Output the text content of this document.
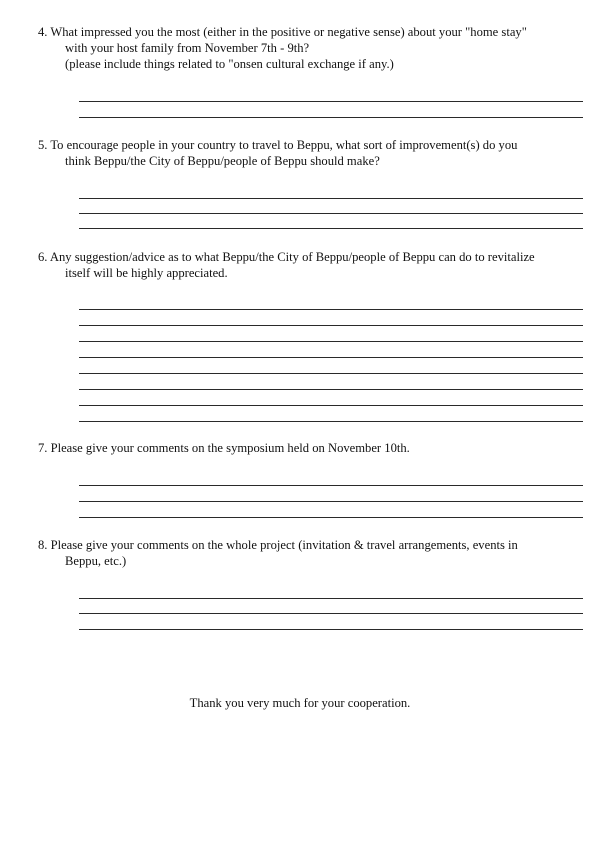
4. What impressed you the most (either in the positive or negative sense) about your "home stay"

with your host family from November 7th - 9th?

(please include things related to "onsen cultural exchange if any.)

5. To encourage people in your country to travel to Beppu, what sort of improvement(s) do you

think Beppu/the City of Beppu/people of Beppu should make?

6. Any suggestion/advice as to what Beppu/the City of Beppu/people of Beppu can do to revitalize

itself will be highly appreciated.

7. Please give your comments on the symposium held on November 10th.

8. Please give your comments on the whole project (invitation & travel arrangements, events in

Beppu, etc.)

Thank you very much for your cooperation.
